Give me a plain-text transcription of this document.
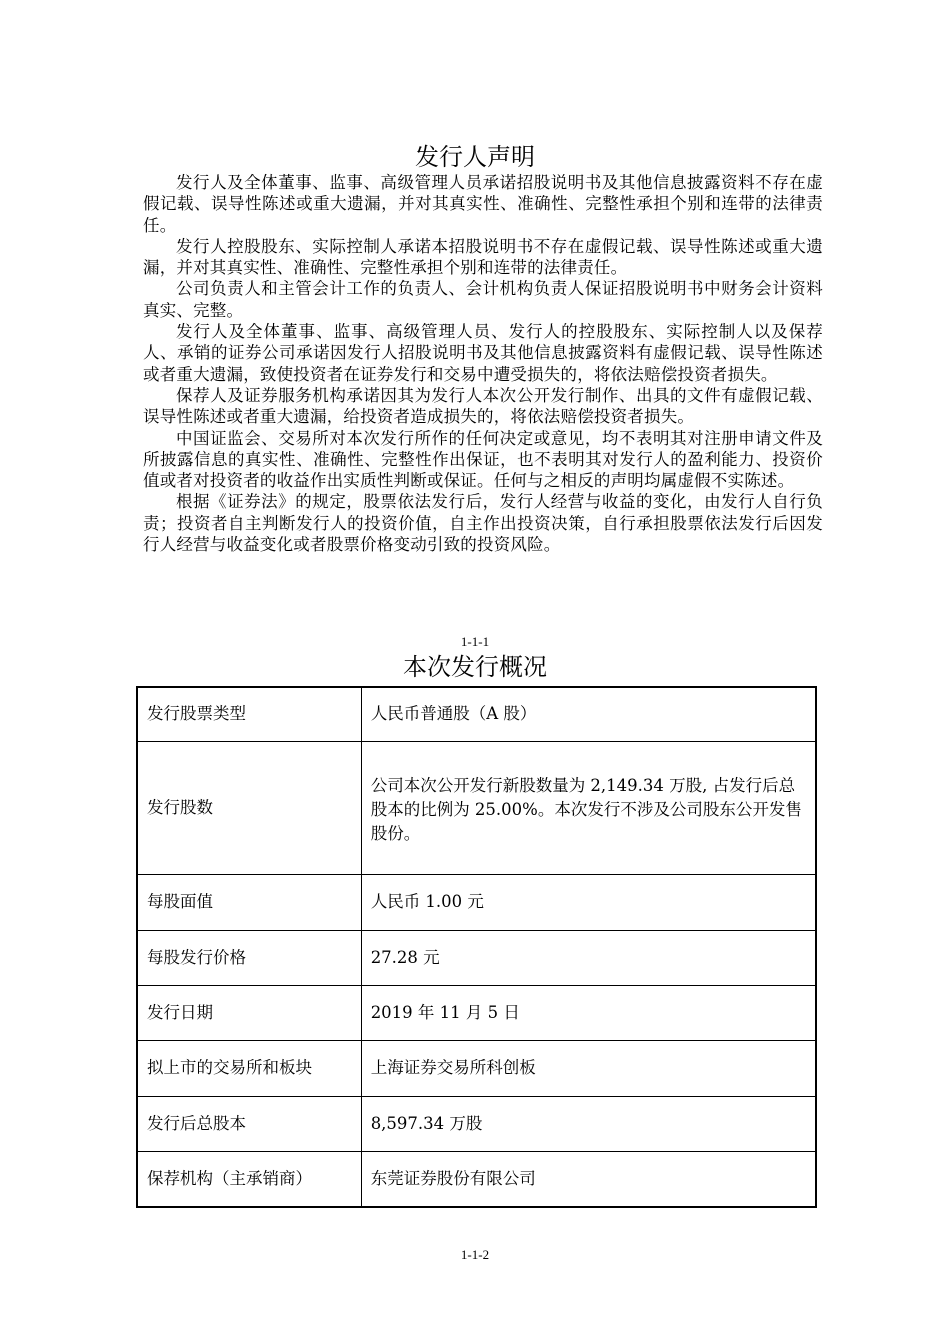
发行人声明

发行人及全体董事、监事、高级管理人员承诺招股说明书及其他信息披露资料不存在虚假记载、误导性陈述或重大遗漏，并对其真实性、准确性、完整性承担个别和连带的法律责任。

发行人控股股东、实际控制人承诺本招股说明书不存在虚假记载、误导性陈述或重大遗漏，并对其真实性、准确性、完整性承担个别和连带的法律责任。

公司负责人和主管会计工作的负责人、会计机构负责人保证招股说明书中财务会计资料真实、完整。

发行人及全体董事、监事、高级管理人员、发行人的控股股东、实际控制人以及保荐人、承销的证券公司承诺因发行人招股说明书及其他信息披露资料有虚假记载、误导性陈述或者重大遗漏，致使投资者在证券发行和交易中遭受损失的，将依法赔偿投资者损失。

保荐人及证券服务机构承诺因其为发行人本次公开发行制作、出具的文件有虚假记载、误导性陈述或者重大遗漏，给投资者造成损失的，将依法赔偿投资者损失。

中国证监会、交易所对本次发行所作的任何决定或意见，均不表明其对注册申请文件及所披露信息的真实性、准确性、完整性作出保证，也不表明其对发行人的盈利能力、投资价值或者对投资者的收益作出实质性判断或保证。任何与之相反的声明均属虚假不实陈述。

根据《证券法》的规定，股票依法发行后，发行人经营与收益的变化，由发行人自行负责；投资者自主判断发行人的投资价值，自主作出投资决策，自行承担股票依法发行后因发行人经营与收益变化或者股票价格变动引致的投资风险。

1-1-1
本次发行概况
发行股票类型	人民币普通股（A 股）
发行股数	公司本次公开发行新股数量为 2,149.34 万股, 占发行后总股本的比例为 25.00%。本次发行不涉及公司股东公开发售股份。
每股面值	人民币 1.00 元
每股发行价格	27.28 元
发行日期	2019 年 11 月 5 日
拟上市的交易所和板块	上海证券交易所科创板
发行后总股本	8,597.34 万股
保荐机构（主承销商）	东莞证券股份有限公司
1-1-2
